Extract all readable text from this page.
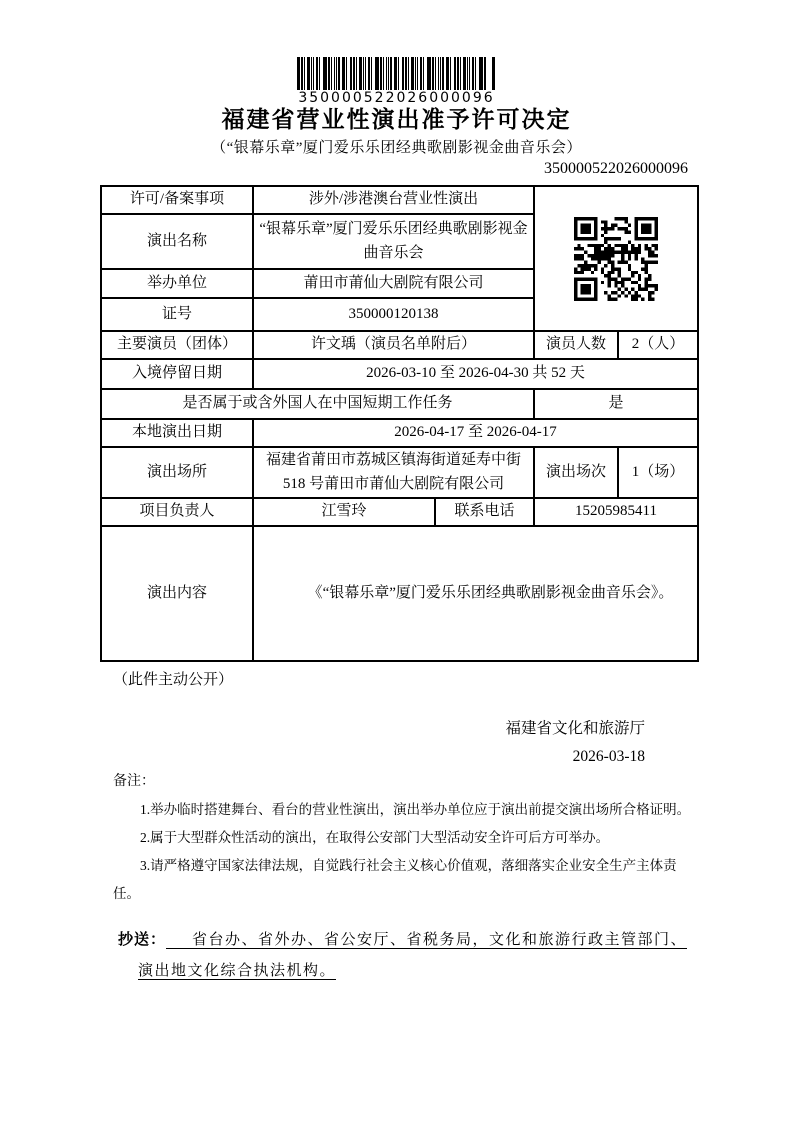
350000522026000096
福建省营业性演出准予许可决定
（“银幕乐章”厦门爱乐乐团经典歌剧影视金曲音乐会）
350000522026000096
许可/备案事项	涉外/涉港澳台营业性演出	

演出名称	“银幕乐章”厦门爱乐乐团经典歌剧影视金曲音乐会			
举办单位	莆田市莆仙大剧院有限公司			
证号	350000120138			
主要演员（团体）	许文瑀（演员名单附后）		演员人数	2（人）
入境停留日期	2026-03-10 至 2026-04-30 共 52 天			
是否属于或含外国人在中国短期工作任务			是	
本地演出日期	2026-04-17 至 2026-04-17			
演出场所	福建省莆田市荔城区镇海街道延寿中街 518 号莆田市莆仙大剧院有限公司		演出场次	1（场）
项目负责人	江雪玲	联系电话	15205985411	
演出内容	《“银幕乐章”厦门爱乐乐团经典歌剧影视金曲音乐会》。			
（此件主动公开）
福建省文化和旅游厅
2026-03-18
备注：

1.举办临时搭建舞台、看台的营业性演出，演出举办单位应于演出前提交演出场所合格证明。

2.属于大型群众性活动的演出，在取得公安部门大型活动安全许可后方可举办。

3.请严格遵守国家法律法规，自觉践行社会主义核心价值观，落细落实企业安全生产主体责任。

抄送： 省台办、省外办、省公安厅、省税务局，文化和旅游行政主管部门、演出地文化综合执法机构。
